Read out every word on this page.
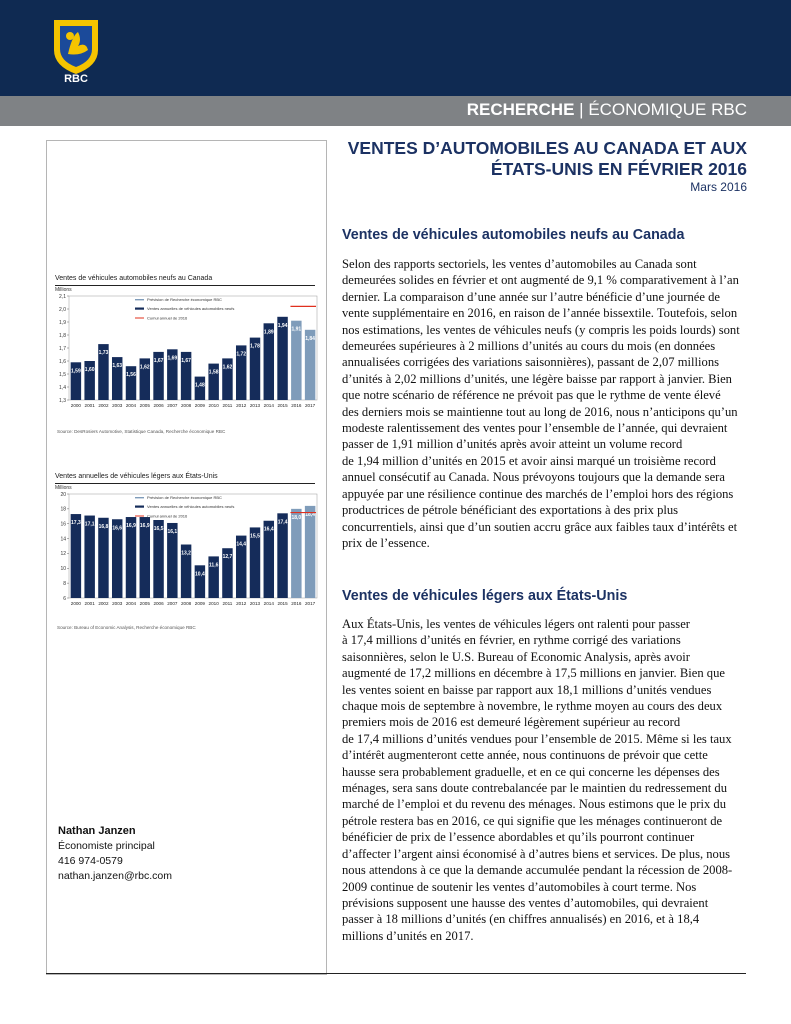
RBC
RECHERCHE | ÉCONOMIQUE RBC
VENTES D’AUTOMOBILES AU CANADA ET AUX
ÉTATS-UNIS EN FÉVRIER 2016
Mars 2016
Ventes de véhicules automobiles neufs au Canada
Millions
1,3
1,4
1,5
1,6
1,7
1,8
1,9
2,0
2,1
1,59
2000
1,60
2001
1,73
2002
1,63
2003
1,56
2004
1,62
2005
1,67
2006
1,69
2007
1,67
2008
1,48
2009
1,58
2010
1,62
2011
1,72
2012
1,78
2013
1,89
2014
1,94
2015
1,91
2016
1,84
2017
Prévision de Recherche économique RBC
Ventes annuelles de véhicules automobiles neufs
Cumul annuel de 2016
Source: DesRosiers Automotive, Statistique Canada, Recherche économique RBC
Ventes annuelles de véhicules légers aux États-Unis
Millions
6
8
10
12
14
16
18
20
17,3
2000
17,1
2001
16,8
2002
16,6
2003
16,9
2004
16,9
2005
16,5
2006
16,1
2007
13,2
2008
10,4
2009
11,6
2010
12,7
2011
14,4
2012
15,5
2013
16,4
2014
17,4
2015
18,0
2016
18,4
2017
Prévision de Recherche économique RBC
Ventes annuelles de véhicules automobiles neufs
Cumul annuel de 2016
Source: Bureau of Economic Analysis, Recherche économique RBC
Nathan Janzen
Économiste principal
416 974-0579
nathan.janzen@rbc.com
Ventes de véhicules automobiles neufs au Canada
Selon des rapports sectoriels, les ventes d’automobiles au Canada sont
demeurées solides en février et ont augmenté de 9,1 % comparativement à l’an
dernier. La comparaison d’une année sur l’autre bénéficie d’une journée de
vente supplémentaire en 2016, en raison de l’année bissextile. Toutefois, selon
nos estimations, les ventes de véhicules neufs (y compris les poids lourds) sont
demeurées supérieures à 2 millions d’unités au cours du mois (en données
annualisées corrigées des variations saisonnières), passant de 2,07 millions
d’unités à 2,02 millions d’unités, une légère baisse par rapport à janvier. Bien
que notre scénario de référence ne prévoit pas que le rythme de vente élevé
des derniers mois se maintienne tout au long de 2016, nous n’anticipons qu’un
modeste ralentissement des ventes pour l’ensemble de l’année, qui devraient
passer de 1,91 million d’unités après avoir atteint un volume record
de 1,94 million d’unités en 2015 et avoir ainsi marqué un troisième record
annuel consécutif au Canada. Nous prévoyons toujours que la demande sera
appuyée par une résilience continue des marchés de l’emploi hors des régions
productrices de pétrole bénéficiant des exportations à des prix plus
concurrentiels, ainsi que d’un soutien accru grâce aux faibles taux d’intérêts et
prix de l’essence.
Ventes de véhicules légers aux États-Unis
Aux États-Unis, les ventes de véhicules légers ont ralenti pour passer
à 17,4 millions d’unités en février, en rythme corrigé des variations
saisonnières, selon le U.S. Bureau of Economic Analysis, après avoir
augmenté de 17,2 millions en décembre à 17,5 millions en janvier. Bien que
les ventes soient en baisse par rapport aux 18,1 millions d’unités vendues
chaque mois de septembre à novembre, le rythme moyen au cours des deux
premiers mois de 2016 est demeuré légèrement supérieur au record
de 17,4 millions d’unités vendues pour l’ensemble de 2015. Même si les taux
d’intérêt augmenteront cette année, nous continuons de prévoir que cette
hausse sera probablement graduelle, et en ce qui concerne les dépenses des
ménages, sera sans doute contrebalancée par le maintien du redressement du
marché de l’emploi et du revenu des ménages. Nous estimons que le prix du
pétrole restera bas en 2016, ce qui signifie que les ménages continueront de
bénéficier de prix de l’essence abordables et qu’ils pourront continuer
d’affecter l’argent ainsi économisé à d’autres biens et services. De plus, nous
nous attendons à ce que la demande accumulée pendant la récession de 2008-
2009 continue de soutenir les ventes d’automobiles à court terme. Nos
prévisions supposent une hausse des ventes d’automobiles, qui devraient
passer à 18 millions d’unités (en chiffres annualisés) en 2016, et à 18,4
millions d’unités en 2017.
